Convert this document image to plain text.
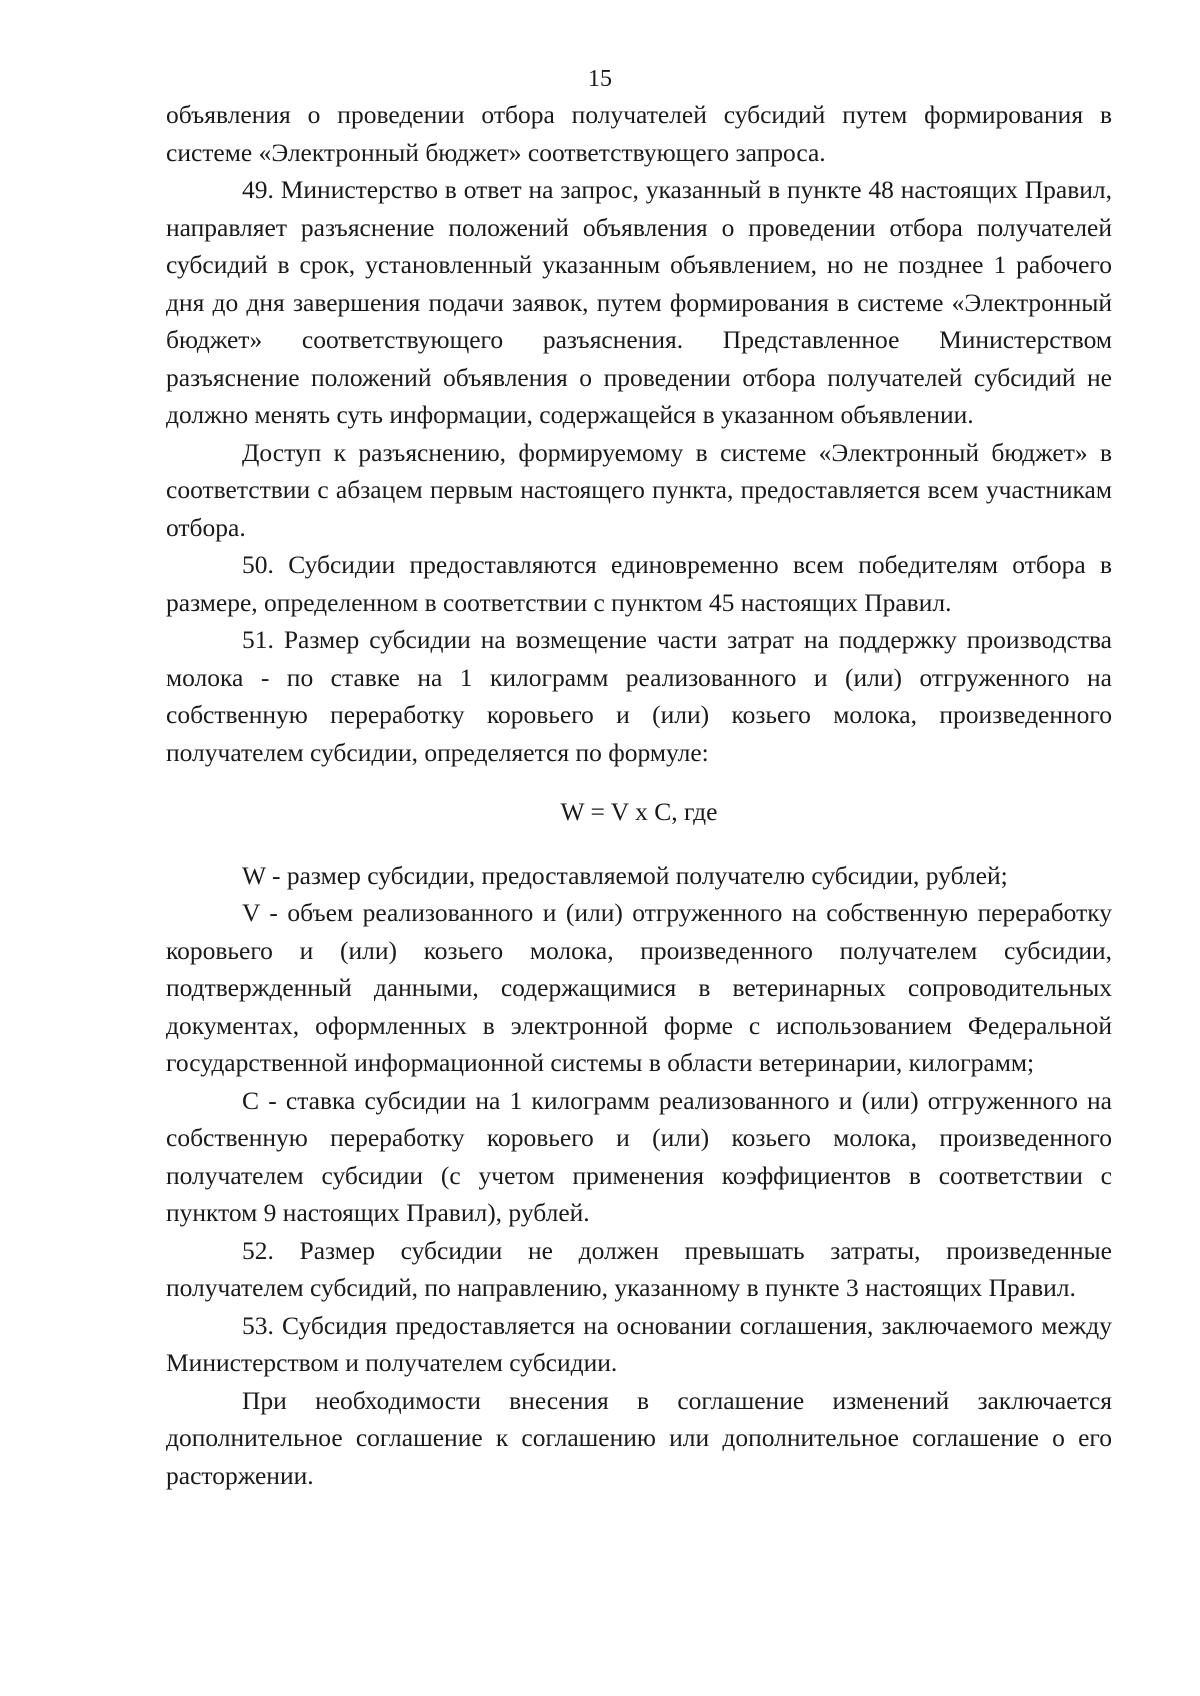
15

объявления о проведении отбора получателей субсидий путем формирования в системе «Электронный бюджет» соответствующего запроса.

49. Министерство в ответ на запрос, указанный в пункте 48 настоящих Правил, направляет разъяснение положений объявления о проведении отбора получателей субсидий в срок, установленный указанным объявлением, но не позднее 1 рабочего дня до дня завершения подачи заявок, путем формирования в системе «Электронный бюджет» соответствующего разъяснения. Представленное Министерством разъяснение положений объявления о проведении отбора получателей субсидий не должно менять суть информации, содержащейся в указанном объявлении.

Доступ к разъяснению, формируемому в системе «Электронный бюджет» в соответствии с абзацем первым настоящего пункта, предоставляется всем участникам отбора.

50. Субсидии предоставляются единовременно всем победителям отбора в размере, определенном в соответствии с пунктом 45 настоящих Правил.

51. Размер субсидии на возмещение части затрат на поддержку производства молока - по ставке на 1 килограмм реализованного и (или) отгруженного на собственную переработку коровьего и (или) козьего молока, произведенного получателем субсидии, определяется по формуле:

W = V x C, где

W - размер субсидии, предоставляемой получателю субсидии, рублей;

V - объем реализованного и (или) отгруженного на собственную переработку коровьего и (или) козьего молока, произведенного получателем субсидии, подтвержденный данными, содержащимися в ветеринарных сопроводительных документах, оформленных в электронной форме с использованием Федеральной государственной информационной системы в области ветеринарии, килограмм;

C - ставка субсидии на 1 килограмм реализованного и (или) отгруженного на собственную переработку коровьего и (или) козьего молока, произведенного получателем субсидии (с учетом применения коэффициентов в соответствии с пунктом 9 настоящих Правил), рублей.

52. Размер субсидии не должен превышать затраты, произведенные получателем субсидий, по направлению, указанному в пункте 3 настоящих Правил.

53. Субсидия предоставляется на основании соглашения, заключаемого между Министерством и получателем субсидии.

При необходимости внесения в соглашение изменений заключается дополнительное соглашение к соглашению или дополнительное соглашение о его расторжении.
